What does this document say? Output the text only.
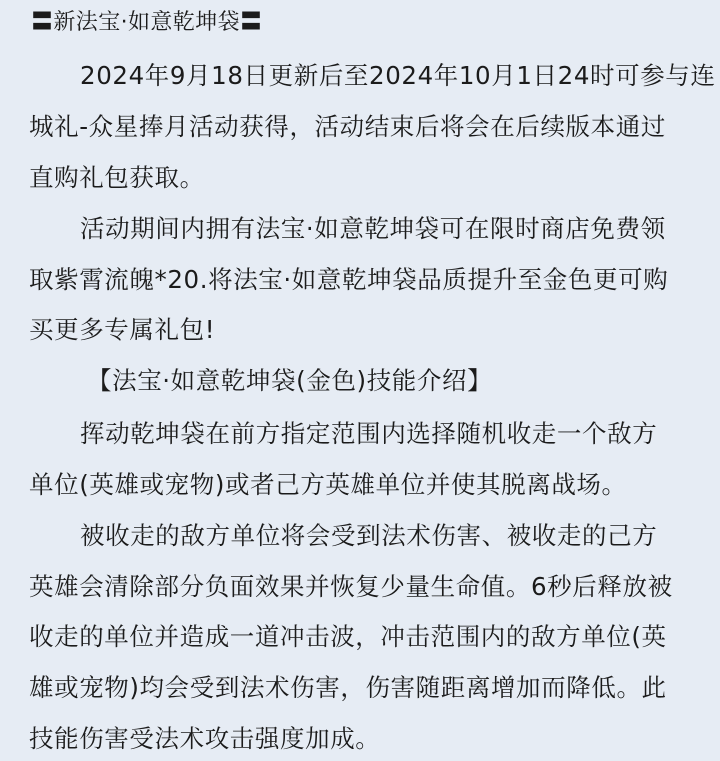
〓新法宝·如意乾坤袋〓
2024年9月18日更新后至2024年10月1日24时可参与连
城礼-众星捧月活动获得，活动结束后将会在后续版本通过
直购礼包获取。
活动期间内拥有法宝·如意乾坤袋可在限时商店免费领
取紫霄流魄*20.将法宝·如意乾坤袋品质提升至金色更可购
买更多专属礼包!
【法宝·如意乾坤袋(金色)技能介绍】
挥动乾坤袋在前方指定范围内选择随机收走一个敌方
单位(英雄或宠物)或者己方英雄单位并使其脱离战场。
被收走的敌方单位将会受到法术伤害、被收走的己方
英雄会清除部分负面效果并恢复少量生命值。6秒后释放被
收走的单位并造成一道冲击波，冲击范围内的敌方单位(英
雄或宠物)均会受到法术伤害，伤害随距离增加而降低。此
技能伤害受法术攻击强度加成。
